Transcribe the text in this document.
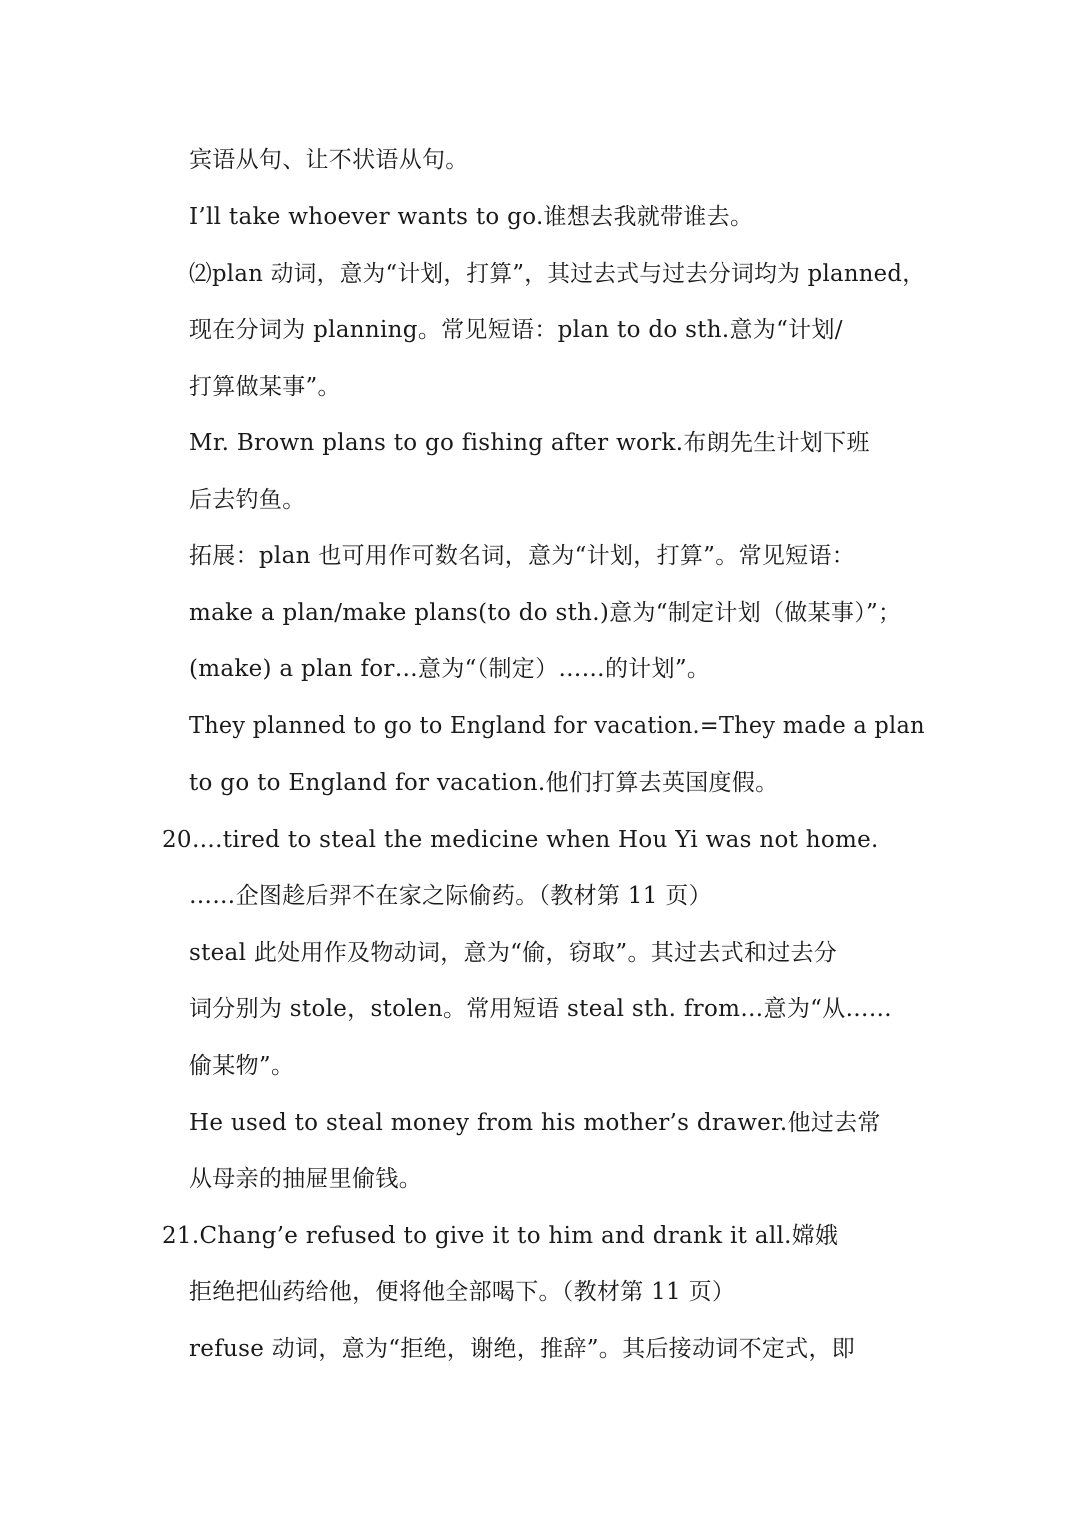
宾语从句、让不状语从句。
I’ll take whoever wants to go.谁想去我就带谁去。
⑵plan 动词，意为“计划，打算”，其过去式与过去分词均为 planned，
现在分词为 planning。常见短语：plan to do sth.意为“计划/
打算做某事”。
Mr. Brown plans to go fishing after work.布朗先生计划下班
后去钓鱼。
拓展：plan 也可用作可数名词，意为“计划，打算”。常见短语：
make a plan/make plans(to do sth.)意为“制定计划（做某事）”；
(make) a plan for…意为“（制定）……的计划”。
They planned to go to England for vacation.=They made a plan
to go to England for vacation.他们打算去英国度假。
20….tired to steal the medicine when Hou Yi was not home.
……企图趁后羿不在家之际偷药。（教材第 11 页）
steal 此处用作及物动词，意为“偷，窃取”。其过去式和过去分
词分别为 stole，stolen。常用短语 steal sth. from…意为“从……
偷某物”。
He used to steal money from his mother’s drawer.他过去常
从母亲的抽屉里偷钱。
21.Chang’e refused to give it to him and drank it all.嫦娥
拒绝把仙药给他，便将他全部喝下。（教材第 11 页）
refuse 动词，意为“拒绝，谢绝，推辞”。其后接动词不定式，即
